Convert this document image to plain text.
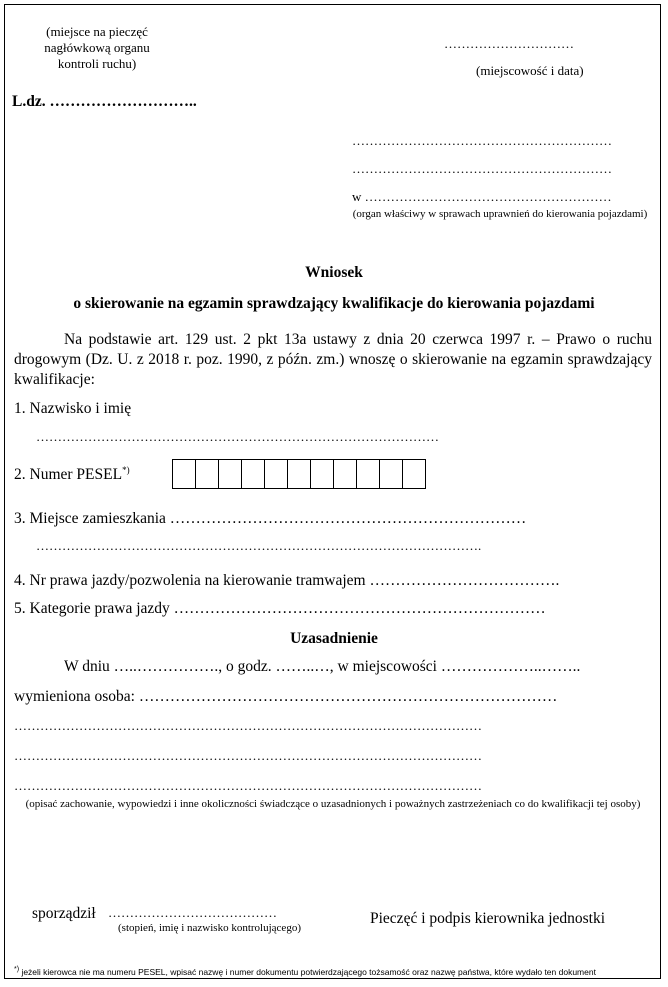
(miejsce na pieczęć
nagłówkową organu
kontroli ruchu)
…………………………
(miejscowość i data)
L.dz. ………………………..
……………………………………………………
……………………………………………………
w …………………………………………………
(organ właściwy w sprawach uprawnień do kierowania pojazdami)
Wniosek
o skierowanie na egzamin sprawdzający kwalifikacje do kierowania pojazdami
Na podstawie art. 129 ust. 2 pkt 13a ustawy z dnia 20 czerwca 1997 r. – Prawo o ruchu drogowym (Dz. U. z 2018 r. poz. 1990, z późn. zm.) wnoszę o skierowanie na egzamin sprawdzający kwalifikacje:
1. Nazwisko i imię
…………………………………………………………………………………
2. Numer PESEL*)
3. Miejsce zamieszkania ……………………………………………………………
………………………………………………………………………………………….
4. Nr prawa jazdy/pozwolenia na kierowanie tramwajem ……………………………….
5. Kategorie prawa jazdy ………………………………………………………………
Uzasadnienie
W dniu …..……………., o godz. ……..…, w miejscowości ………………..……..
wymieniona osoba: ………………………………………………………………………
………………………………………………………………………………………………
………………………………………………………………………………………………
………………………………………………………………………………………………
(opisać zachowanie, wypowiedzi i inne okoliczności świadczące o uzasadnionych i poważnych zastrzeżeniach co do kwalifikacji tej osoby)
sporządził …………………………………
(stopień, imię i nazwisko kontrolującego)
Pieczęć i podpis kierownika jednostki
*) jeżeli kierowca nie ma numeru PESEL, wpisać nazwę i numer dokumentu potwierdzającego tożsamość oraz nazwę państwa, które wydało ten dokument
